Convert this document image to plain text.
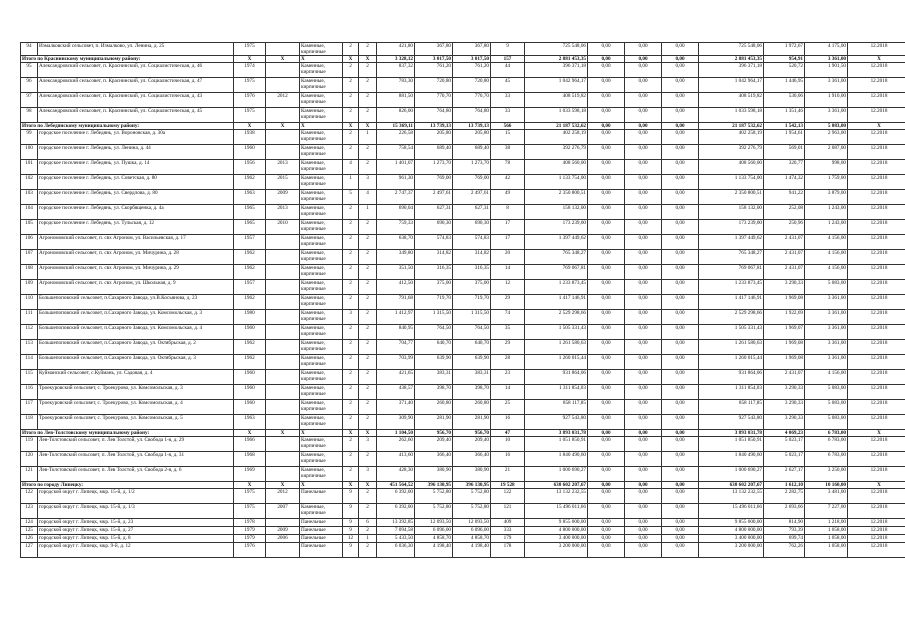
94	Измалковский сельсовет, п. Измалково, ул. Ленина, д. 25	1975		Каменные, кирпичные	2	2	421,80	367,80	367,80	9	725 548,06	0,00	0,00	0,00	725 548,06	1 972,67	4 175,00	12.2018
Итого по Краснинскому муниципальному району:		X	X	X	X	X	3 328,12	3 017,50	3 017,50	157	2 881 453,35	0,00	0,00	0,00	2 881 453,35	954,91	3 361,00	X
95	Александровский сельсовет, п. Краснинский, ул. Социалистическая, д. 46	1974		Каменные, кирпичные	2	2	837,32	761,20	761,20	44	396 371,18	0,00	0,00	0,00	396 371,18	520,72	1 901,50	12.2018
96	Александровский сельсовет, п. Краснинский, ул. Социалистическая, д. 47	1975		Каменные, кирпичные	2	2	783,30	720,80	720,80	45	1 042 964,17	0,00	0,00	0,00	1 042 964,17	1 446,95	3 361,00	12.2018
97	Александровский сельсовет, п. Краснинский, ул. Социалистическая, д. 43	1976	2012	Каменные, кирпичные	2	2	881,50	770,70	770,70	33	408 519,82	0,00	0,00	0,00	408 519,82	530,06	1 910,00	12.2018
98	Александровский сельсовет, п. Краснинский, ул. Социалистическая, д. 45	1975		Каменные, кирпичные	2	2	826,00	764,80	764,80	33	1 033 598,18	0,00	0,00	0,00	1 033 598,18	1 351,46	3 361,00	12.2018
Итого по Лебедянскому муниципальному району:		X	X	X	X	X	15 369,11	13 739,13	13 739,13	566	21 187 532,62	0,00	0,00	0,00	21 187 532,62	1 542,13	5 083,00	X
99	городское поселение г. Лебедянь, ул. Вороновская, д. 30а	1938		Каменные, кирпичные	2	1	226,58	205,80	205,80	15	402 258,19	0,00	0,00	0,00	402 258,19	1 954,61	2 963,00	12.2018
100	городское поселение г. Лебедянь, ул. Ленина, д. 44	1960		Каменные, кирпичные	2	2	758,54	689,40	689,40	38	392 276,79	0,00	0,00	0,00	392 276,79	569,01	2 087,00	12.2018
101	городское поселение г. Лебедянь, ул. Пушка, д. 14	1956	2013	Каменные, кирпичные	4	2	1 401,07	1 273,70	1 273,70	78	408 560,00	0,00	0,00	0,00	408 560,00	320,77	998,00	12.2018
102	городское поселение г. Лебедянь, ул. Советская, д. 80	1962	2015	Каменные, кирпичные	1	3	961,30	769,00	769,00	42	1 133 754,00	0,00	0,00	0,00	1 133 754,00	1 474,32	1 759,00	12.2018
103	городское поселение г. Лебедянь, ул. Свердлова, д. 80	1963	2009	Каменные, кирпичные	5	4	2 747,37	2 497,61	2 497,61	49	2 350 800,51	0,00	0,00	0,00	2 350 800,51	941,22	3 879,00	12.2018
104	городское поселение г. Лебедянь, ул. Скорбященка, д. 4а	1965	2013	Каменные, кирпичные	2	1	690,04	627,31	627,31	8	158 132,00	0,00	0,00	0,00	158 132,00	252,08	1 243,00	12.2018
105	городское поселение г. Лебедянь, ул. Тульская, д. 12	1965	2010	Каменные, кирпичные	2	2	759,33	690,30	690,30	17	173 239,00	0,00	0,00	0,00	173 239,00	250,96	1 243,00	12.2018
106	Агрономовский сельсовет, п. свх Агроном, ул. Васильевская, д. 17	1957		Каменные, кирпичные	2	2	638,70	574,83	574,83	17	1 397 449,62	0,00	0,00	0,00	1 397 449,62	2 431,07	4 156,00	12.2018
107	Агрономовский сельсовет, п. свх Агроном, ул. Мичурина, д. 28	1962		Каменные, кирпичные	2	2	349,80	314,82	314,82	20	765 348,27	0,00	0,00	0,00	765 348,27	2 431,07	4 156,00	12.2018
108	Агрономовский сельсовет, п. свх Агроном, ул. Мичурина, д. 29	1962		Каменные, кирпичные	2	2	351,50	316,35	316,35	14	769 067,81	0,00	0,00	0,00	769 067,81	2 431,07	4 156,00	12.2018
109	Агрономовский сельсовет, п. свх Агроном, ул. Школьная, д. 9	1957		Каменные, кирпичные	2	2	412,50	375,00	375,00	12	1 233 873,45	0,00	0,00	0,00	1 233 873,45	3 290,33	5 083,00	12.2018
110	Большепоповский сельсовет, п.Сахарного Завода, ул.В.Косьянова, д. 23	1962		Каменные, кирпичные	2	2	791,68	719,70	719,70	29	1 417 146,91	0,00	0,00	0,00	1 417 146,91	1 969,08	3 361,00	12.2018
111	Большепоповский сельсовет, п.Сахарного Завода, ул. Комсомольская, д. 3	1980		Каменные, кирпичные	3	2	1 412,97	1 315,50	1 315,50	74	2 529 298,66	0,00	0,00	0,00	2 529 298,66	1 922,69	3 361,00	12.2018
112	Большепоповский сельсовет, п.Сахарного Завода, ул. Комсомольская, д. 4	1960		Каменные, кирпичные	2	2	840,95	764,50	764,50	35	1 505 331,43	0,00	0,00	0,00	1 505 331,43	1 969,07	3 361,00	12.2018
113	Большепоповский сельсовет, п.Сахарного Завода, ул. Октябрьская, д. 2	1962		Каменные, кирпичные	2	2	704,77	640,70	640,70	29	1 261 580,63	0,00	0,00	0,00	1 261 580,63	1 969,08	3 361,00	12.2018
114	Большепоповский сельсовет, п.Сахарного Завода, ул. Октябрьская, д. 3	1962		Каменные, кирпичные	2	2	703,99	639,90	639,90	28	1 260 015,44	0,00	0,00	0,00	1 260 015,44	1 969,08	3 361,00	12.2018
115	Куйманский сельсовет, с.Куймань, ул. Садовая, д. 4	1960		Каменные, кирпичные	2	2	421,65	383,31	383,31	23	931 864,06	0,00	0,00	0,00	931 864,06	2 431,07	4 156,00	12.2018
116	Троекуровский сельсовет, с. Троекурово, ул. Комсомольская, д. 3	1960		Каменные, кирпичные	2	2	438,57	398,70	398,70	14	1 311 854,03	0,00	0,00	0,00	1 311 854,03	3 290,33	5 083,00	12.2018
117	Троекуровский сельсовет, с. Троекурово, ул. Комсомольская, д. 4	1960		Каменные, кирпичные	2	2	371,40	260,80	260,80	25	858 117,85	0,00	0,00	0,00	858 117,85	3 290,33	5 083,00	12.2018
118	Троекуровский сельсовет, с. Троекурово, ул. Комсомольская, д. 5	1963		Каменные, кирпичные	2	2	309,90	281,90	281,90	16	927 543,80	0,00	0,00	0,00	927 543,80	3 290,33	5 083,00	12.2018
Итого по Лев-Толстовскому муниципальному району:		X	X	X	X	X	1 104,50	956,70	956,70	47	3 893 031,78	0,00	0,00	0,00	3 893 031,78	4 069,23	6 783,00	X
119	Лев-Толстовский сельсовет, п. Лев Толстой, ул. Свобода 1-я, д. 29	1966		Каменные, кирпичные	2	3	262,60	209,40	209,40	10	1 051 850,91	0,00	0,00	0,00	1 051 850,91	5 023,17	6 783,00	12.2018
120	Лев-Толстовский сельсовет, п. Лев Толстой, ул. Свобода 1-я, д. 31	1968		Каменные, кирпичные	2	2	413,60	366,40	366,40	16	1 840 490,60	0,00	0,00	0,00	1 840 490,60	5 023,17	6 783,00	12.2018
121	Лев-Толстовский сельсовет, п. Лев Толстой, ул. Свобода 2-я, д. 6	1969		Каменные, кирпичные	2	3	428,30	380,90	380,90	21	1 000 690,27	0,00	0,00	0,00	1 000 690,27	2 627,17	3 250,00	12.2018
Итого по городу Липецку:		X	X	X	X	X	451 564,52	396 130,95	396 130,95	19 528	638 602 207,67	0,00	0,00	0,00	638 602 207,67	1 612,10	10 160,00	X
122	городской округ г. Липецк, мкр. 15-й, д. 1/2	1975	2012	Панельные	9	2	6 392,00	5 752,80	5 752,80	122	13 132 232,55	0,00	0,00	0,00	13 132 232,55	2 282,75	3 481,00	12.2018
123	городской округ г. Липецк, мкр. 15-й, д. 1/3	1975	2007	Каменные, кирпичные	9	2	6 392,00	5 752,80	5 752,80	121	15 496 011,66	0,00	0,00	0,00	15 496 011,66	2 693,66	7 227,00	12.2018
124	городской округ г. Липецк, мкр. 15-й, д. 23	1978		Панельные	9	6	13 392,85	12 093,50	12 093,50	409	9 855 000,00	0,00	0,00	0,00	9 855 000,00	814,90	1 218,00	12.2018
125	городской округ г. Липецк, мкр. 15-й, д. 27	1979	2009	Панельные	9	2	7 094,58	6 096,00	6 096,00	333	4 800 000,00	0,00	0,00	0,00	4 800 000,00	793,39	1 058,00	12.2018
126	городской округ г. Липецк, мкр. 15-й, д. 8	1979	2006	Панельные	12	1	5 433,50	4 858,70	4 858,70	179	3 400 000,00	0,00	0,00	0,00	3 400 000,00	699,74	1 058,00	12.2018
127	городской округ г. Липецк, мкр. 9-й, д. 12	1976		Панельные	9	2	6 036,30	4 198,40	4 198,40	178	3 200 000,00	0,00	0,00	0,00	3 200 000,00	762,26	1 058,00	12.2018
